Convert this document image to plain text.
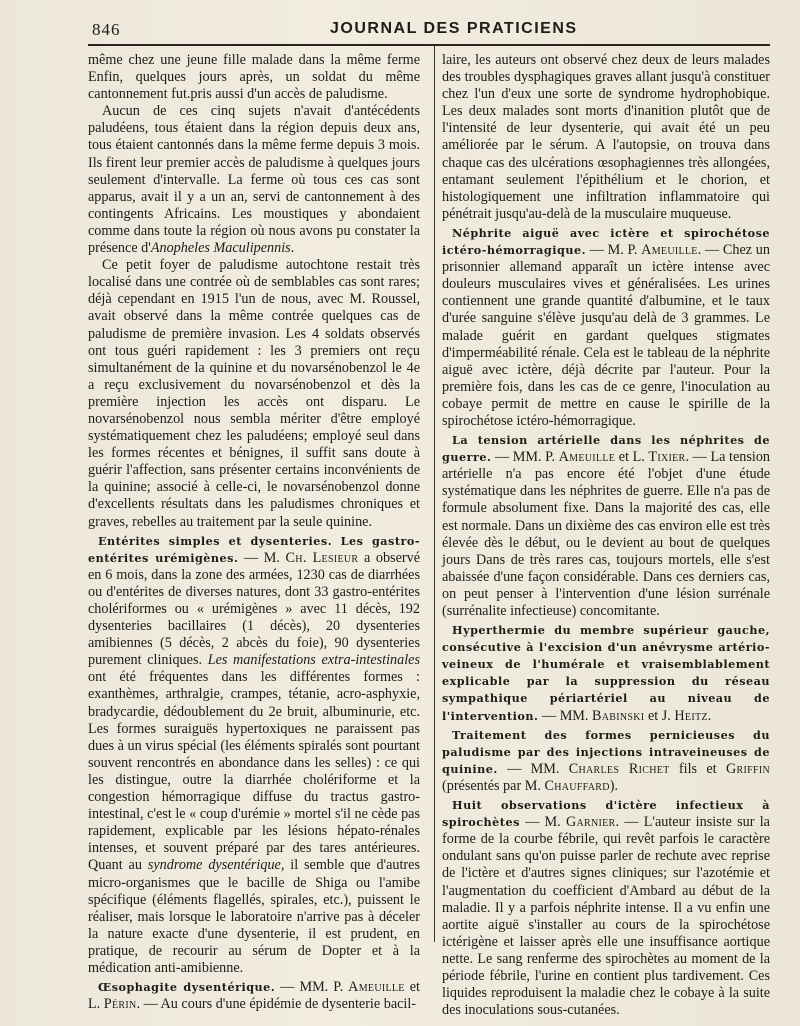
846	JOURNAL DES PRATICIENS

même chez une jeune fille malade dans la même ferme Enfin, quelques jours après, un soldat du même cantonnement fut.pris aussi d'un accès de paludisme.

Aucun de ces cinq sujets n'avait d'antécédents paludéens, tous étaient dans la région depuis deux ans, tous étaient cantonnés dans la même ferme depuis 3 mois. Ils firent leur premier accès de paludisme à quelques jours seulement d'intervalle. La ferme où tous ces cas sont apparus, avait il y a un an, servi de cantonnement à des contingents Africains. Les moustiques y abondaient comme dans toute la région où nous avons pu constater la présence d'Anopheles Maculipennis.

Ce petit foyer de paludisme autochtone restait très localisé dans une contrée où de semblables cas sont rares; déjà cependant en 1915 l'un de nous, avec M. Roussel, avait observé dans la même contrée quelques cas de paludisme de première invasion. Les 4 soldats observés ont tous guéri rapidement : les 3 premiers ont reçu simultanément de la quinine et du novarsénobenzol le 4e a reçu exclusivement du novarsénobenzol et dès la première injection les accès ont disparu. Le novarsénobenzol nous sembla mériter d'être employé systématiquement chez les paludéens; employé seul dans les formes récentes et bénignes, il suffit sans doute à guérir l'affection, sans présenter certains inconvénients de la quinine; associé à celle-ci, le novarsénobenzol donne d'excellents résultats dans les paludismes chroniques et graves, rebelles au traitement par la seule quinine.

Entérites simples et dysenteries. Les gastro-entérites urémigènes. — M. Ch. Lesieur a observé en 6 mois, dans la zone des armées, 1230 cas de diarrhées ou d'entérites de diverses natures, dont 33 gastro-entérites cholériformes ou « urémigènes » avec 11 décès, 192 dysenteries bacillaires (1 décès), 20 dysenteries amibiennes (5 décès, 2 abcès du foie), 90 dysenteries purement cliniques. Les manifestations extra-intestinales ont été fréquentes dans les différentes formes : exanthèmes, arthralgie, crampes, tétanie, acro-asphyxie, bradycardie, dédoublement du 2e bruit, albuminurie, etc. Les formes suraiguës hypertoxiques ne paraissent pas dues à un virus spécial (les éléments spiralés sont pourtant souvent rencontrés en abondance dans les selles) : ce qui les distingue, outre la diarrhée cholériforme et la congestion hémorragique diffuse du tractus gastro-intestinal, c'est le « coup d'urémie » mortel s'il ne cède pas rapidement, explicable par les lésions hépato-rénales intenses, et souvent préparé par des tares antérieures. Quant au syndrome dysentérique, il semble que d'autres micro-organismes que le bacille de Shiga ou l'amibe spécifique (éléments flagellés, spirales, etc.), puissent le réaliser, mais lorsque le laboratoire n'arrive pas à déceler la nature exacte d'une dysenterie, il est prudent, en pratique, de recourir au sérum de Dopter et à la médication anti-amibienne.

Œsophagite dysentérique. — MM. P. Ameuille et L. Périn. — Au cours d'une épidémie de dysenterie bacil-

laire, les auteurs ont observé chez deux de leurs malades des troubles dysphagiques graves allant jusqu'à constituer chez l'un d'eux une sorte de syndrome hydrophobique. Les deux malades sont morts d'inanition plutôt que de l'intensité de leur dysenterie, qui avait été un peu améliorée par le sérum. A l'autopsie, on trouva dans chaque cas des ulcérations œsophagiennes très allongées, entamant seulement l'épithélium et le chorion, et histologiquement une infiltration inflammatoire qui pénétrait jusqu'au-delà de la musculaire muqueuse.

Néphrite aiguë avec ictère et spirochétose ictéro-hémorragique. — M. P. Ameuille. — Chez un prisonnier allemand apparaît un ictère intense avec douleurs musculaires vives et généralisées. Les urines contiennent une grande quantité d'albumine, et le taux d'urée sanguine s'élève jusqu'au delà de 3 grammes. Le malade guérit en gardant quelques stigmates d'imperméabilité rénale. Cela est le tableau de la néphrite aiguë avec ictère, déjà décrite par l'auteur. Pour la première fois, dans les cas de ce genre, l'inoculation au cobaye permit de mettre en cause le spirille de la spirochétose ictéro-hémorragique.

La tension artérielle dans les néphrites de guerre. — MM. P. Ameuille et L. Tixier. — La tension artérielle n'a pas encore été l'objet d'une étude systématique dans les néphrites de guerre. Elle n'a pas de formule absolument fixe. Dans la majorité des cas, elle est normale. Dans un dixième des cas environ elle est très élevée dès le début, ou le devient au bout de quelques jours Dans de très rares cas, toujours mortels, elle s'est abaissée d'une façon considérable. Dans ces derniers cas, on peut penser à l'intervention d'une lésion surrénale (surrénalite infectieuse) concomitante.

Hyperthermie du membre supérieur gauche, consécutive à l'excision d'un anévrysme artério-veineux de l'humérale et vraisemblablement explicable par la suppression du réseau sympathique périartériel au niveau de l'intervention. — MM. Babinski et J. Heitz.

Traitement des formes pernicieuses du paludisme par des injections intraveineuses de quinine. — MM. Charles Richet fils et Griffin (présentés par M. Chauffard).

Huit observations d'ictère infectieux à spirochètes — M. Garnier. — L'auteur insiste sur la forme de la courbe fébrile, qui revêt parfois le caractère ondulant sans qu'on puisse parler de rechute avec reprise de l'ictère et d'autres signes cliniques; sur l'azotémie et l'augmentation du coefficient d'Ambard au début de la maladie. Il y a parfois néphrite intense. Il a vu enfin une aortite aiguë s'installer au cours de la spirochétose ictérigène et laisser après elle une insuffisance aortique nette. Le sang renferme des spirochètes au moment de la période fébrile, l'urine en contient plus tardivement. Ces liquides reproduisent la maladie chez le cobaye à la suite des inoculations sous-cutanées.
